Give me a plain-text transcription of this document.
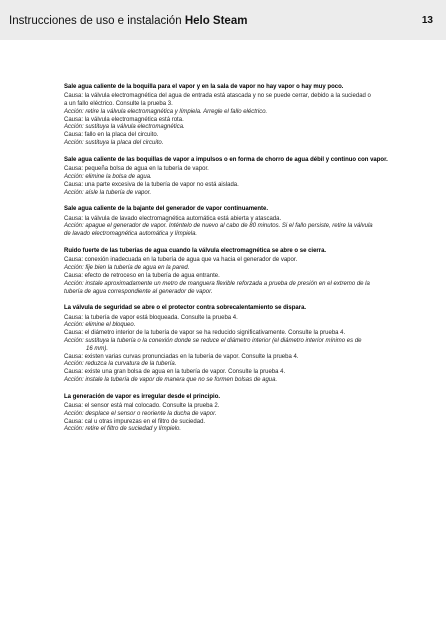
Instrucciones de uso e instalación Helo Steam	13
Sale agua caliente de la boquilla para el vapor y en la sala de vapor no hay vapor o hay muy poco.
Causa: la válvula electromagnética del agua de entrada está atascada y no se puede cerrar, debido a la suciedad o
a un fallo eléctrico. Consulte la prueba 3.
Acción: retire la válvula electromagnética y límpiela. Arregle el fallo eléctrico.
Causa: la válvula electromagnética está rota.
Acción: sustituya la válvula electromagnética.
Causa: fallo en la placa del circuito.
Acción: sustituya la placa del circuito.
Sale agua caliente de las boquillas de vapor a impulsos o en forma de chorro de agua débil y continuo con vapor.
Causa: pequeña bolsa de agua en la tubería de vapor.
Acción: elimine la bolsa de agua.
Causa: una parte excesiva de la tubería de vapor no está aislada.
Acción: aísle la tubería de vapor.
Sale agua caliente de la bajante del generador de vapor continuamente.
Causa: la válvula de lavado electromagnética automática está abierta y atascada.
Acción: apague el generador de vapor. Inténtelo de nuevo al cabo de 80 minutos. Si el fallo persiste, retire la válvula
de lavado electromagnética automática y límpiela.
Ruido fuerte de las tuberías de agua cuando la válvula electromagnética se abre o se cierra.
Causa: conexión inadecuada en la tubería de agua que va hacia el generador de vapor.
Acción: fije bien la tubería de agua en la pared.
Causa: efecto de retroceso en la tubería de agua entrante.
Acción: instale aproximadamente un metro de manguera flexible reforzada a prueba de presión en el extremo de la
tubería de agua correspondiente al generador de vapor.
La válvula de seguridad se abre o el protector contra sobrecalentamiento se dispara.
Causa: la tubería de vapor está bloqueada. Consulte la prueba 4.
Acción: elimine el bloqueo.
Causa: el diámetro interior de la tubería de vapor se ha reducido significativamente. Consulte la prueba 4.
Acción: sustituya la tubería o la conexión donde se reduce el diámetro interior (el diámetro interior mínimo es de
16 mm).
Causa: existen varias curvas pronunciadas en la tubería de vapor. Consulte la prueba 4.
Acción: reduzca la curvatura de la tubería.
Causa: existe una gran bolsa de agua en la tubería de vapor. Consulte la prueba 4.
Acción: instale la tubería de vapor de manera que no se formen bolsas de agua.
La generación de vapor es irregular desde el principio.
Causa: el sensor está mal colocado. Consulte la prueba 2.
Acción: desplace el sensor o reoriente la ducha de vapor.
Causa: cal u otras impurezas en el filtro de suciedad.
Acción: retire el filtro de suciedad y límpielo.
